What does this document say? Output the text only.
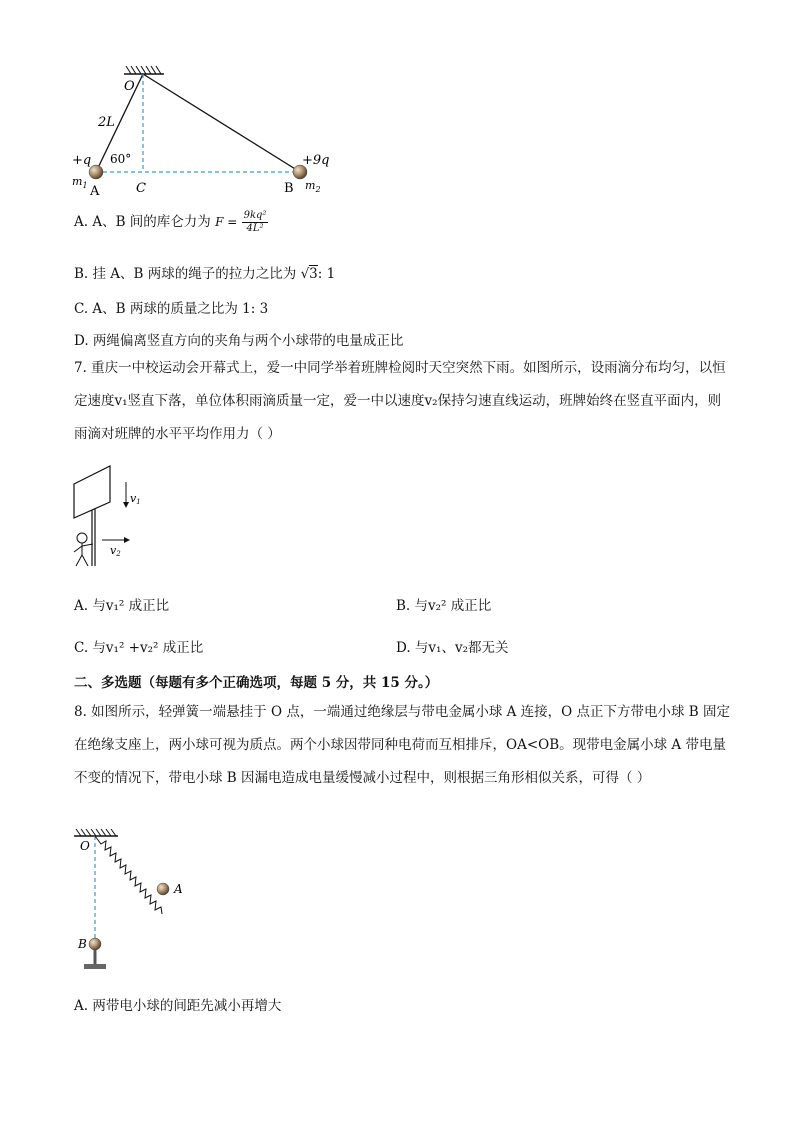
O
2L
+q 60°
$m_1$ A	C
+9q
B $m_2$
A. A、B 间的库仑力为 $F = \frac{\text{9kq²}}{\text{4L²}}$
B. 挂 A、B 两球的绳子的拉力之比为 √3: 1
C. A、B 两球的质量之比为 1: 3
D. 两绳偏离竖直方向的夹角与两个小球带的电量成正比
7. 重庆一中校运动会开幕式上，爱一中同学举着班牌检阅时天空突然下雨。如图所示，设雨滴分布均匀，以恒定速度v₁竖直下落，单位体积雨滴质量一定，爱一中以速度v₂保持匀速直线运动，班牌始终在竖直平面内，则雨滴对班牌的水平平均作用力（ ）
v1
v2
A. 与v₁² 成正比	B. 与v₂² 成正比
C. 与v₁² +v₂² 成正比	D. 与v₁、v₂都无关
二、多选题（每题有多个正确选项，每题 5 分，共 15 分。）
8. 如图所示，轻弹簧一端悬挂于 O 点，一端通过绝缘层与带电金属小球 A 连接，O 点正下方带电小球 B 固定在绝缘支座上，两小球可视为质点。两个小球因带同种电荷而互相排斥，OA<OB。现带电金属小球 A 带电量不变的情况下，带电小球 B 因漏电造成电量缓慢减小过程中，则根据三角形相似关系，可得（ ）
O
A
B
A. 两带电小球的间距先减小再增大
